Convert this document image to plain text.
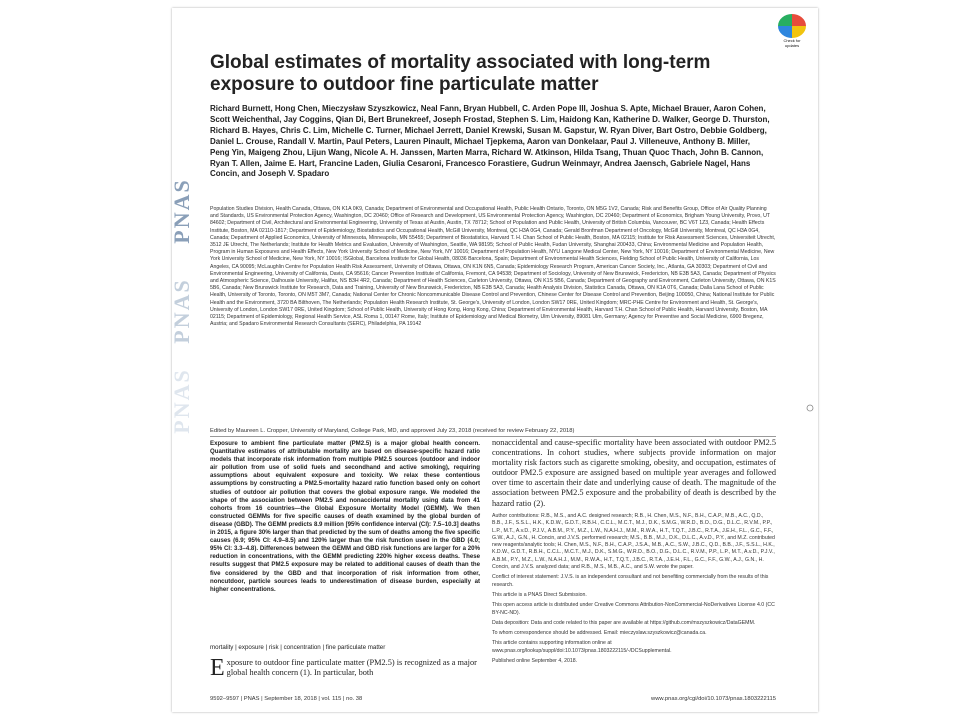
PNAS
PNAS
PNAS
Check for updates
Global estimates of mortality associated with long-term exposure to outdoor fine particulate matter
Richard Burnett, Hong Chen, Mieczysław Szyszkowicz, Neal Fann, Bryan Hubbell, C. Arden Pope III, Joshua S. Apte, Michael Brauer, Aaron Cohen, Scott Weichenthal, Jay Coggins, Qian Di, Bert Brunekreef, Joseph Frostad, Stephen S. Lim, Haidong Kan, Katherine D. Walker, George D. Thurston, Richard B. Hayes, Chris C. Lim, Michelle C. Turner, Michael Jerrett, Daniel Krewski, Susan M. Gapstur, W. Ryan Diver, Bart Ostro, Debbie Goldberg, Daniel L. Crouse, Randall V. Martin, Paul Peters, Lauren Pinault, Michael Tjepkema, Aaron van Donkelaar, Paul J. Villeneuve, Anthony B. Miller, Peng Yin, Maigeng Zhou, Lijun Wang, Nicole A. H. Janssen, Marten Marra, Richard W. Atkinson, Hilda Tsang, Thuan Quoc Thach, John B. Cannon, Ryan T. Allen, Jaime E. Hart, Francine Laden, Giulia Cesaroni, Francesco Forastiere, Gudrun Weinmayr, Andrea Jaensch, Gabriele Nagel, Hans Concin, and Joseph V. Spadaro
Population Studies Division, Health Canada, Ottawa, ON K1A 0K9, Canada; Department of Environmental and Occupational Health, Public Health Ontario, Toronto, ON M5G 1V2, Canada; Risk and Benefits Group, Office of Air Quality Planning and Standards, US Environmental Protection Agency, Washington, DC 20460; Office of Research and Development, US Environmental Protection Agency, Washington, DC 20460; Department of Economics, Brigham Young University, Provo, UT 84602; Department of Civil, Architectural and Environmental Engineering, University of Texas at Austin, Austin, TX 78712; School of Population and Public Health, University of British Columbia, Vancouver, BC V6T 1Z3, Canada; Health Effects Institute, Boston, MA 02110-1817; Department of Epidemiology, Biostatistics and Occupational Health, McGill University, Montreal, QC H3A 0G4, Canada; Gerald Bronfman Department of Oncology, McGill University, Montreal, QC H3A 0G4, Canada; Department of Applied Economics, University of Minnesota, Minneapolis, MN 55455; Department of Biostatistics, Harvard T. H. Chan School of Public Health, Boston, MA 02115; Institute for Risk Assessment Sciences, Universiteit Utrecht, 3512 JE Utrecht, The Netherlands; Institute for Health Metrics and Evaluation, University of Washington, Seattle, WA 98195; School of Public Health, Fudan University, Shanghai 200433, China; Environmental Medicine and Population Health, Program in Human Exposures and Health Effects, New York University School of Medicine, New York, NY 10016; Department of Population Health, NYU Langone Medical Center, New York, NY 10016; Department of Environmental Medicine, New York University School of Medicine, New York, NY 10016; ISGlobal, Barcelona Institute for Global Health, 08036 Barcelona, Spain; Department of Environmental Health Sciences, Fielding School of Public Health, University of California, Los Angeles, CA 90095; McLaughlin Centre for Population Health Risk Assessment, University of Ottawa, Ottawa, ON K1N 6N5, Canada; Epidemiology Research Program, American Cancer Society, Inc., Atlanta, GA 30303; Department of Civil and Environmental Engineering, University of California, Davis, CA 95616; Cancer Prevention Institute of California, Fremont, CA 94538; Department of Sociology, University of New Brunswick, Fredericton, NB E3B 5A3, Canada; Department of Physics and Atmospheric Science, Dalhousie University, Halifax, NS B3H 4R2, Canada; Department of Health Sciences, Carleton University, Ottawa, ON K1S 5B6, Canada; Department of Geography and Environment, Carleton University, Ottawa, ON K1S 5B6, Canada; New Brunswick Institute for Research, Data and Training, University of New Brunswick, Fredericton, NB E3B 5A3, Canada; Health Analysis Division, Statistics Canada, Ottawa, ON K1A 0T6, Canada; Dalla Lana School of Public Health, University of Toronto, Toronto, ON M5T 3M7, Canada; National Center for Chronic Noncommunicable Disease Control and Prevention, Chinese Center for Disease Control and Prevention, Beijing 100050, China; National Institute for Public Health and the Environment, 3720 BA Bilthoven, The Netherlands; Population Health Research Institute, St. George's, University of London, London SW17 0RE, United Kingdom; MRC-PHE Centre for Environment and Health, St. George's, University of London, London SW17 0RE, United Kingdom; School of Public Health, University of Hong Kong, Hong Kong, China; Department of Environmental Health, Harvard T.H. Chan School of Public Health, Harvard University, Boston, MA 02115; Department of Epidemiology, Regional Health Service, ASL Roma 1, 00147 Rome, Italy; Institute of Epidemiology and Medical Biometry, Ulm University, 89081 Ulm, Germany; Agency for Preventive and Social Medicine, 6900 Bregenz, Austria; and Spadaro Environmental Research Consultants (SERC), Philadelphia, PA 19142
Edited by Maureen L. Cropper, University of Maryland, College Park, MD, and approved July 23, 2018 (received for review February 22, 2018)
Exposure to ambient fine particulate matter (PM2.5) is a major global health concern. Quantitative estimates of attributable mortality are based on disease-specific hazard ratio models that incorporate risk information from multiple PM2.5 sources (outdoor and indoor air pollution from use of solid fuels and secondhand and active smoking), requiring assumptions about equivalent exposure and toxicity. We relax these contentious assumptions by constructing a PM2.5-mortality hazard ratio function based only on cohort studies of outdoor air pollution that covers the global exposure range. We modeled the shape of the association between PM2.5 and nonaccidental mortality using data from 41 cohorts from 16 countries—the Global Exposure Mortality Model (GEMM). We then constructed GEMMs for five specific causes of death examined by the global burden of disease (GBD). The GEMM predicts 8.9 million [95% confidence interval (CI): 7.5–10.3] deaths in 2015, a figure 30% larger than that predicted by the sum of deaths among the five specific causes (6.9; 95% CI: 4.9–8.5) and 120% larger than the risk function used in the GBD (4.0; 95% CI: 3.3–4.8). Differences between the GEMM and GBD risk functions are larger for a 20% reduction in concentrations, with the GEMM predicting 220% higher excess deaths. These results suggest that PM2.5 exposure may be related to additional causes of death than the five considered by the GBD and that incorporation of risk information from other, noncutdoor, particle sources leads to underestimation of disease burden, especially at higher concentrations.
mortality | exposure | risk | concentration | fine particulate matter
E xposure to outdoor fine particulate matter (PM2.5) is recognized as a major global health concern (1). In particular, both
nonaccidental and cause-specific mortality have been associated with outdoor PM2.5 concentrations. In cohort studies, where subjects provide information on major mortality risk factors such as cigarette smoking, obesity, and occupation, estimates of outdoor PM2.5 exposure are assigned based on multiple year averages and followed over time to ascertain their date and underlying cause of death. The magnitude of the association between PM2.5 exposure and the probability of death is described by the hazard ratio (2).

Author contributions: R.B., M.S., and A.C. designed research; R.B., H. Chen, M.S., N.F., B.H., C.A.P., M.B., A.C., Q.D., B.B., J.F., S.S.L., H.K., K.D.W., G.D.T., R.B.H., C.C.L., M.C.T., M.J., D.K., S.M.G., W.R.D., B.O., D.G., D.L.C., R.V.M., P.P., L.P., M.T., A.v.D., P.J.V., A.B.M., P.Y., M.Z., L.W., N.A.H.J., M.M., R.W.A., H.T., T.Q.T., J.B.C., R.T.A., J.E.H., F.L., G.C., F.F., G.W., A.J., G.N., H. Concin, and J.V.S. performed research; M.S., B.B., M.J., D.K., D.L.C., A.v.D., P.Y., and M.Z. contributed new reagents/analytic tools; H. Chen, M.S., N.F., B.H., C.A.P., J.S.A., M.B., A.C., S.W., J.B.C., Q.D., B.B., J.F., S.S.L., H.K., K.D.W., G.D.T., R.B.H., C.C.L., M.C.T., M.J., D.K., S.M.G., W.R.D., B.O., D.G., D.L.C., R.V.M., P.P., L.P., M.T., A.v.D., P.J.V., A.B.M., P.Y., M.Z., L.W., N.A.H.J., M.M., R.W.A., H.T., T.Q.T., J.B.C., R.T.A., J.E.H., F.L., G.C., F.F., G.W., A.J., G.N., H. Concin, and J.V.S. analyzed data; and R.B., M.S., M.B., A.C., and S.W. wrote the paper.

Conflict of interest statement: J.V.S. is an independent consultant and not benefiting commercially from the results of this research.

This article is a PNAS Direct Submission.

This open access article is distributed under Creative Commons Attribution-NonCommercial-NoDerivatives License 4.0 (CC BY-NC-ND).

Data deposition: Data and code related to this paper are available at https://github.com/mszyszkowicz/DataGEMM.

To whom correspondence should be addressed. Email: mieczyslaw.szyszkowicz@canada.ca.

This article contains supporting information online at www.pnas.org/lookup/suppl/doi:10.1073/pnas.1803222115/-/DCSupplemental.

Published online September 4, 2018.

9592–9597 | PNAS | September 18, 2018 | vol. 115 | no. 38	www.pnas.org/cgi/doi/10.1073/pnas.1803222115
